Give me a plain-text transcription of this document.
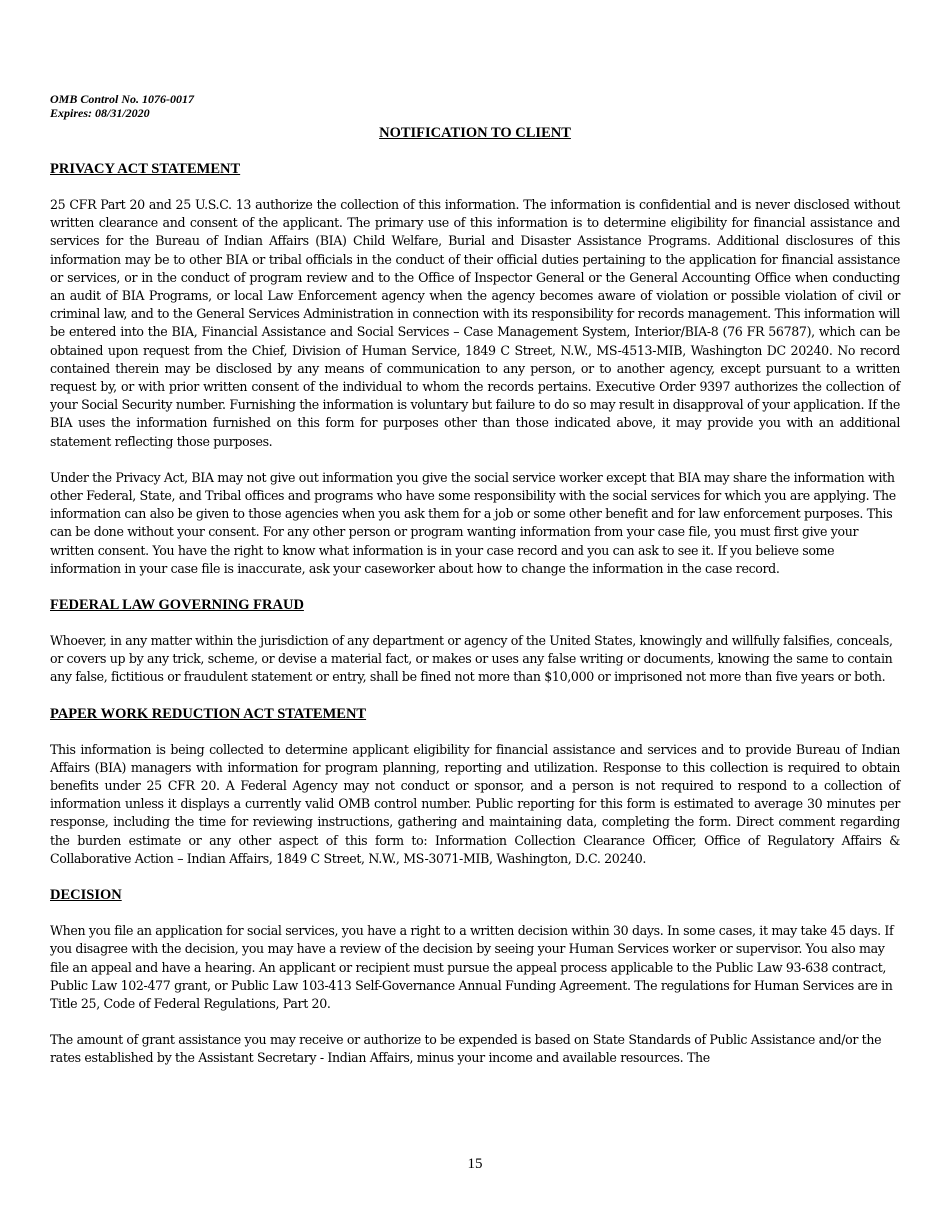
OMB Control No. 1076-0017
Expires: 08/31/2020
NOTIFICATION TO CLIENT
PRIVACY ACT STATEMENT

25 CFR Part 20 and 25 U.S.C. 13 authorize the collection of this information. The information is confidential and is never disclosed without written clearance and consent of the applicant. The primary use of this information is to determine eligibility for financial assistance and services for the Bureau of Indian Affairs (BIA) Child Welfare, Burial and Disaster Assistance Programs. Additional disclosures of this information may be to other BIA or tribal officials in the conduct of their official duties pertaining to the application for financial assistance or services, or in the conduct of program review and to the Office of Inspector General or the General Accounting Office when conducting an audit of BIA Programs, or local Law Enforcement agency when the agency becomes aware of violation or possible violation of civil or criminal law, and to the General Services Administration in connection with its responsibility for records management. This information will be entered into the BIA, Financial Assistance and Social Services – Case Management System, Interior/BIA-8 (76 FR 56787), which can be obtained upon request from the Chief, Division of Human Service, 1849 C Street, N.W., MS-4513-MIB, Washington DC 20240. No record contained therein may be disclosed by any means of communication to any person, or to another agency, except pursuant to a written request by, or with prior written consent of the individual to whom the records pertains. Executive Order 9397 authorizes the collection of your Social Security number. Furnishing the information is voluntary but failure to do so may result in disapproval of your application. If the BIA uses the information furnished on this form for purposes other than those indicated above, it may provide you with an additional statement reflecting those purposes.

Under the Privacy Act, BIA may not give out information you give the social service worker except that BIA may share the information with other Federal, State, and Tribal offices and programs who have some responsibility with the social services for which you are applying. The information can also be given to those agencies when you ask them for a job or some other benefit and for law enforcement purposes. This can be done without your consent. For any other person or program wanting information from your case file, you must first give your written consent. You have the right to know what information is in your case record and you can ask to see it. If you believe some information in your case file is inaccurate, ask your caseworker about how to change the information in the case record.

FEDERAL LAW GOVERNING FRAUD

Whoever, in any matter within the jurisdiction of any department or agency of the United States, knowingly and willfully falsifies, conceals, or covers up by any trick, scheme, or devise a material fact, or makes or uses any false writing or documents, knowing the same to contain any false, fictitious or fraudulent statement or entry, shall be fined not more than $10,000 or imprisoned not more than five years or both.

PAPER WORK REDUCTION ACT STATEMENT

This information is being collected to determine applicant eligibility for financial assistance and services and to provide Bureau of Indian Affairs (BIA) managers with information for program planning, reporting and utilization. Response to this collection is required to obtain benefits under 25 CFR 20. A Federal Agency may not conduct or sponsor, and a person is not required to respond to a collection of information unless it displays a currently valid OMB control number. Public reporting for this form is estimated to average 30 minutes per response, including the time for reviewing instructions, gathering and maintaining data, completing the form. Direct comment regarding the burden estimate or any other aspect of this form to: Information Collection Clearance Officer, Office of Regulatory Affairs & Collaborative Action – Indian Affairs, 1849 C Street, N.W., MS-3071-MIB, Washington, D.C. 20240.

DECISION

When you file an application for social services, you have a right to a written decision within 30 days. In some cases, it may take 45 days. If you disagree with the decision, you may have a review of the decision by seeing your Human Services worker or supervisor. You also may file an appeal and have a hearing. An applicant or recipient must pursue the appeal process applicable to the Public Law 93-638 contract, Public Law 102-477 grant, or Public Law 103-413 Self-Governance Annual Funding Agreement. The regulations for Human Services are in Title 25, Code of Federal Regulations, Part 20.

The amount of grant assistance you may receive or authorize to be expended is based on State Standards of Public Assistance and/or the rates established by the Assistant Secretary - Indian Affairs, minus your income and available resources. The

15
